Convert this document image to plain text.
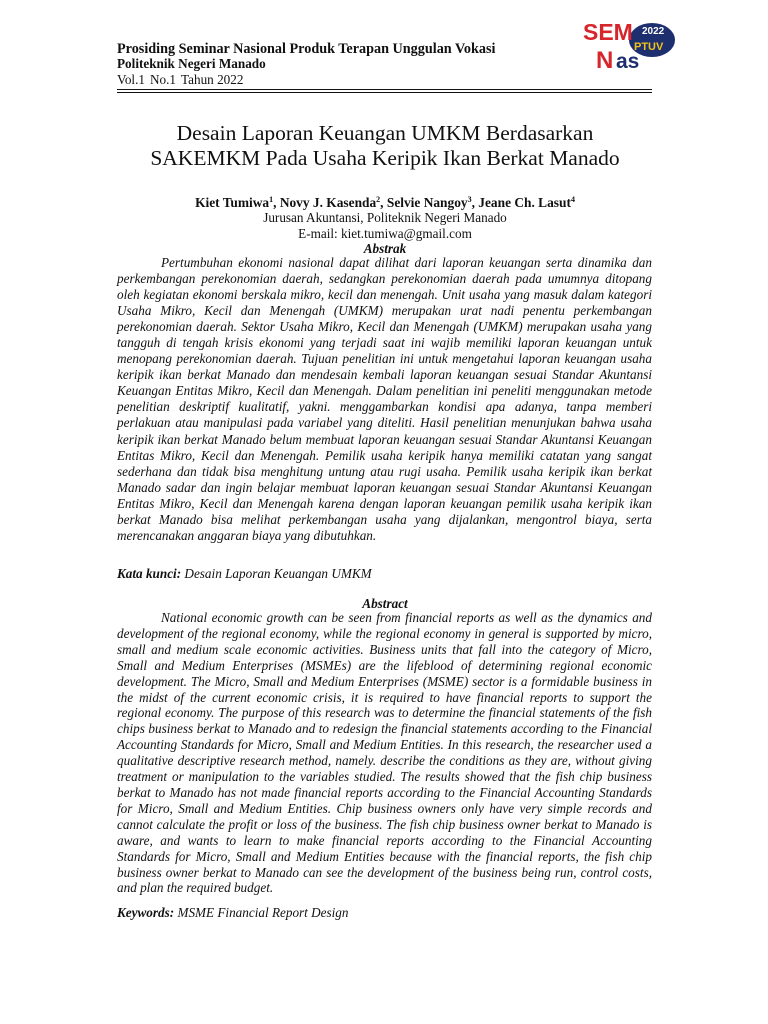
Prosiding Seminar Nasional Produk Terapan Unggulan Vokasi
Politeknik Negeri Manado
Vol.1 No.1 Tahun 2022
SEM 2022
PTUV
N as
Desain Laporan Keuangan UMKM Berdasarkan
SAKEMKM Pada Usaha Keripik Ikan Berkat Manado
Kiet Tumiwa$^1$, Novy J. Kasenda$^2$, Selvie Nangoy$^3$, Jeane Ch. Lasut$^4$
Jurusan Akuntansi, Politeknik Negeri Manado
E-mail: kiet.tumiwa@gmail.com
Abstrak

Pertumbuhan ekonomi nasional dapat dilihat dari laporan keuangan serta dinamika dan perkembangan perekonomian daerah, sedangkan perekonomian daerah pada umumnya ditopang oleh kegiatan ekonomi berskala mikro, kecil dan menengah. Unit usaha yang masuk dalam kategori Usaha Mikro, Kecil dan Menengah (UMKM) merupakan urat nadi penentu perkembangan perekonomian daerah. Sektor Usaha Mikro, Kecil dan Menengah (UMKM) merupakan usaha yang tangguh di tengah krisis ekonomi yang terjadi saat ini wajib memiliki laporan keuangan untuk menopang perekonomian daerah. Tujuan penelitian ini untuk mengetahui laporan keuangan usaha keripik ikan berkat Manado dan mendesain kembali laporan keuangan sesuai Standar Akuntansi Keuangan Entitas Mikro, Kecil dan Menengah. Dalam penelitian ini peneliti menggunakan metode penelitian deskriptif kualitatif, yakni. menggambarkan kondisi apa adanya, tanpa memberi perlakuan atau manipulasi pada variabel yang diteliti. Hasil penelitian menunjukan bahwa usaha keripik ikan berkat Manado belum membuat laporan keuangan sesuai Standar Akuntansi Keuangan Entitas Mikro, Kecil dan Menengah. Pemilik usaha keripik hanya memiliki catatan yang sangat sederhana dan tidak bisa menghitung untung atau rugi usaha. Pemilik usaha keripik ikan berkat Manado sadar dan ingin belajar membuat laporan keuangan sesuai Standar Akuntansi Keuangan Entitas Mikro, Kecil dan Menengah karena dengan laporan keuangan pemilik usaha keripik ikan berkat Manado bisa melihat perkembangan usaha yang dijalankan, mengontrol biaya, serta merencanakan anggaran biaya yang dibutuhkan.

Kata kunci: Desain Laporan Keuangan UMKM
Abstract

National economic growth can be seen from financial reports as well as the dynamics and development of the regional economy, while the regional economy in general is supported by micro, small and medium scale economic activities. Business units that fall into the category of Micro, Small and Medium Enterprises (MSMEs) are the lifeblood of determining regional economic development. The Micro, Small and Medium Enterprises (MSME) sector is a formidable business in the midst of the current economic crisis, it is required to have financial reports to support the regional economy. The purpose of this research was to determine the financial statements of the fish chips business berkat to Manado and to redesign the financial statements according to the Financial Accounting Standards for Micro, Small and Medium Entities. In this research, the researcher used a qualitative descriptive research method, namely. describe the conditions as they are, without giving treatment or manipulation to the variables studied. The results showed that the fish chip business berkat to Manado has not made financial reports according to the Financial Accounting Standards for Micro, Small and Medium Entities. Chip business owners only have very simple records and cannot calculate the profit or loss of the business. The fish chip business owner berkat to Manado is aware, and wants to learn to make financial reports according to the Financial Accounting Standards for Micro, Small and Medium Entities because with the financial reports, the fish chip business owner berkat to Manado can see the development of the business being run, control costs, and plan the required budget.

Keywords: MSME Financial Report Design
